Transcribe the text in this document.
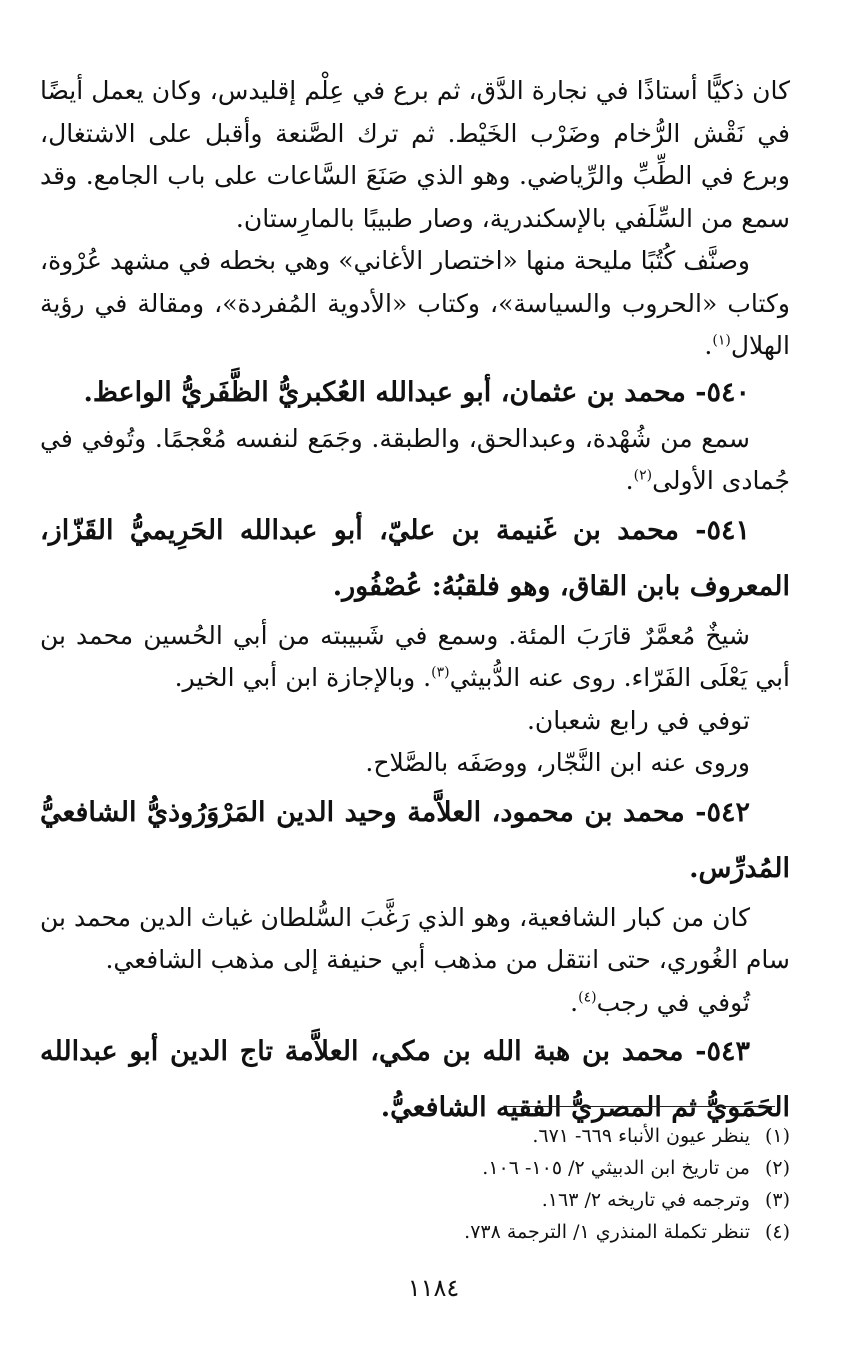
كان ذكيًّا أستاذًا في نجارة الدَّق، ثم برع في عِلْم إقليدس، وكان يعمل أيضًا في نَقْش الرُّخام وضَرْب الخَيْط. ثم ترك الصَّنعة وأقبل على الاشتغال، وبرع في الطِّبِّ والرِّياضي. وهو الذي صَنَعَ السَّاعات على باب الجامع. وقد سمع من السِّلَفي بالإسكندرية، وصار طبيبًا بالمارِستان.

وصنَّف كُتُبًا مليحة منها «اختصار الأغاني» وهي بخطه في مشهد عُرْوة، وكتاب «الحروب والسياسة»، وكتاب «الأدوية المُفردة»، ومقالة في رؤية الهلال$^{(١)}$.

٥٤٠- محمد بن عثمان، أبو عبدالله العُكبريُّ الظَّفَريُّ الواعظ.

سمع من شُهْدة، وعبدالحق، والطبقة. وجَمَع لنفسه مُعْجمًا. وتُوفي في جُمادى الأولى$^{(٢)}$.

٥٤١- محمد بن غَنيمة بن عليّ، أبو عبدالله الحَرِيميُّ القَزّاز، المعروف بابن القاق، وهو فلقبُهُ: عُصْفُور.

شيخٌ مُعمَّرٌ قارَبَ المئة. وسمع في شَبيبته من أبي الحُسين محمد بن أبي يَعْلَى الفَرّاء. روى عنه الدُّبيثي$^{(٣)}$. وبالإجازة ابن أبي الخير.

توفي في رابع شعبان.

وروى عنه ابن النَّجّار، ووصَفَه بالصَّلاح.

٥٤٢- محمد بن محمود، العلاَّمة وحيد الدين المَرْوَرُوذيُّ الشافعيُّ المُدرِّس.

كان من كبار الشافعية، وهو الذي رَغَّبَ السُّلطان غياث الدين محمد بن سام الغُوري، حتى انتقل من مذهب أبي حنيفة إلى مذهب الشافعي.

تُوفي في رجب$^{(٤)}$.

٥٤٣- محمد بن هبة الله بن مكي، العلاَّمة تاج الدين أبو عبدالله الحَمَويُّ ثم المصريُّ الفقيه الشافعيُّ.

(١)ينظر عيون الأنباء ٦٦٩- ٦٧١.

(٢)من تاريخ ابن الدبيثي ٢/ ١٠٥- ١٠٦.

(٣)وترجمه في تاريخه ٢/ ١٦٣.

(٤)تنظر تكملة المنذري ١/ الترجمة ٧٣٨.

١١٨٤
